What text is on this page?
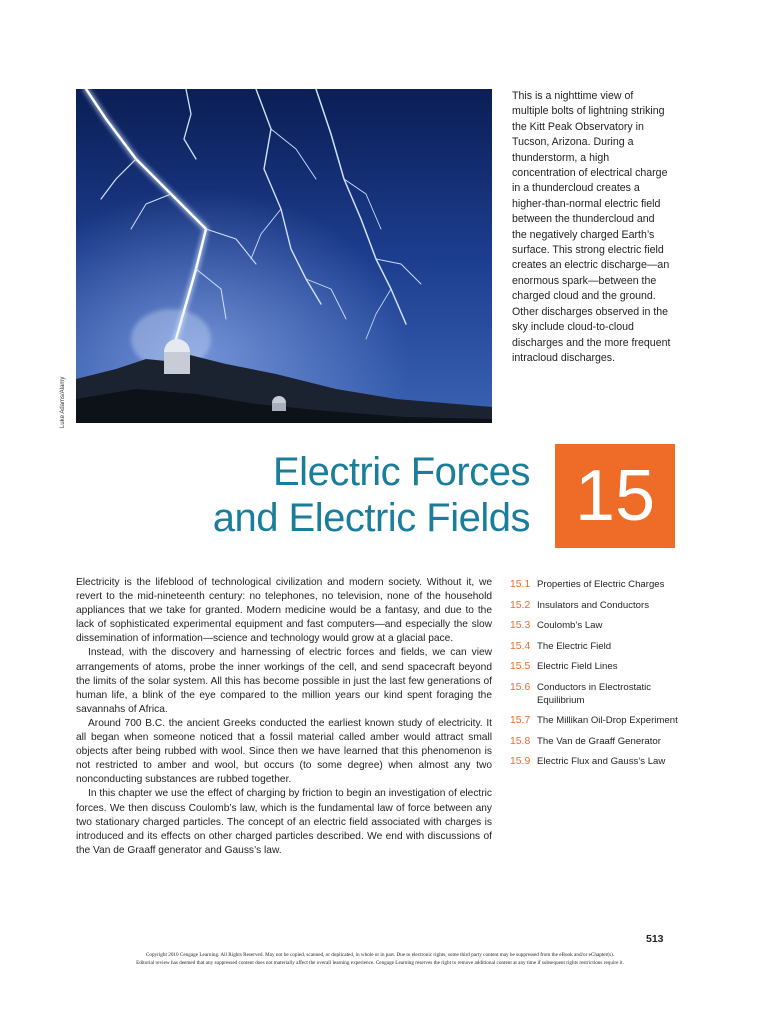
Luke Adams/Alamy
This is a nighttime view of multiple bolts of lightning striking the Kitt Peak Observatory in Tucson, Arizona. During a thunderstorm, a high concentration of electrical charge in a thundercloud creates a higher-than-normal electric field between the thundercloud and the negatively charged Earth’s surface. This strong electric field creates an electric discharge—an enormous spark—between the charged cloud and the ground. Other discharges observed in the sky include cloud-to-cloud discharges and the more frequent intracloud discharges.
Electric Forces
and Electric Fields 15

Electricity is the lifeblood of technological civilization and modern society. Without it, we revert to the mid-nineteenth century: no telephones, no television, none of the household appliances that we take for granted. Modern medicine would be a fantasy, and due to the lack of sophisticated experimental equipment and fast computers—and especially the slow dissemination of information—science and technology would grow at a glacial pace.

Instead, with the discovery and harnessing of electric forces and fields, we can view arrangements of atoms, probe the inner workings of the cell, and send spacecraft beyond the limits of the solar system. All this has become possible in just the last few generations of human life, a blink of the eye compared to the million years our kind spent foraging the savannahs of Africa.

Around 700 B.C. the ancient Greeks conducted the earliest known study of electricity. It all began when someone noticed that a fossil material called amber would attract small objects after being rubbed with wool. Since then we have learned that this phenomenon is not restricted to amber and wool, but occurs (to some degree) when almost any two nonconducting substances are rubbed together.

In this chapter we use the effect of charging by friction to begin an investigation of electric forces. We then discuss Coulomb’s law, which is the fundamental law of force between any two stationary charged particles. The concept of an electric field associated with charges is introduced and its effects on other charged particles described. We end with discussions of the Van de Graaff generator and Gauss’s law.

15.1 Properties of Electric Charges
15.2 Insulators and Conductors
15.3 Coulomb’s Law
15.4 The Electric Field
15.5 Electric Field Lines
15.6 Conductors in Electrostatic Equilibrium
15.7 The Millikan Oil-Drop Experiment
15.8 The Van de Graaff Generator
15.9 Electric Flux and Gauss’s Law
513
Copyright 2010 Cengage Learning. All Rights Reserved. May not be copied, scanned, or duplicated, in whole or in part. Due to electronic rights, some third party content may be suppressed from the eBook and/or eChapter(s).
Editorial review has deemed that any suppressed content does not materially affect the overall learning experience. Cengage Learning reserves the right to remove additional content at any time if subsequent rights restrictions require it.
